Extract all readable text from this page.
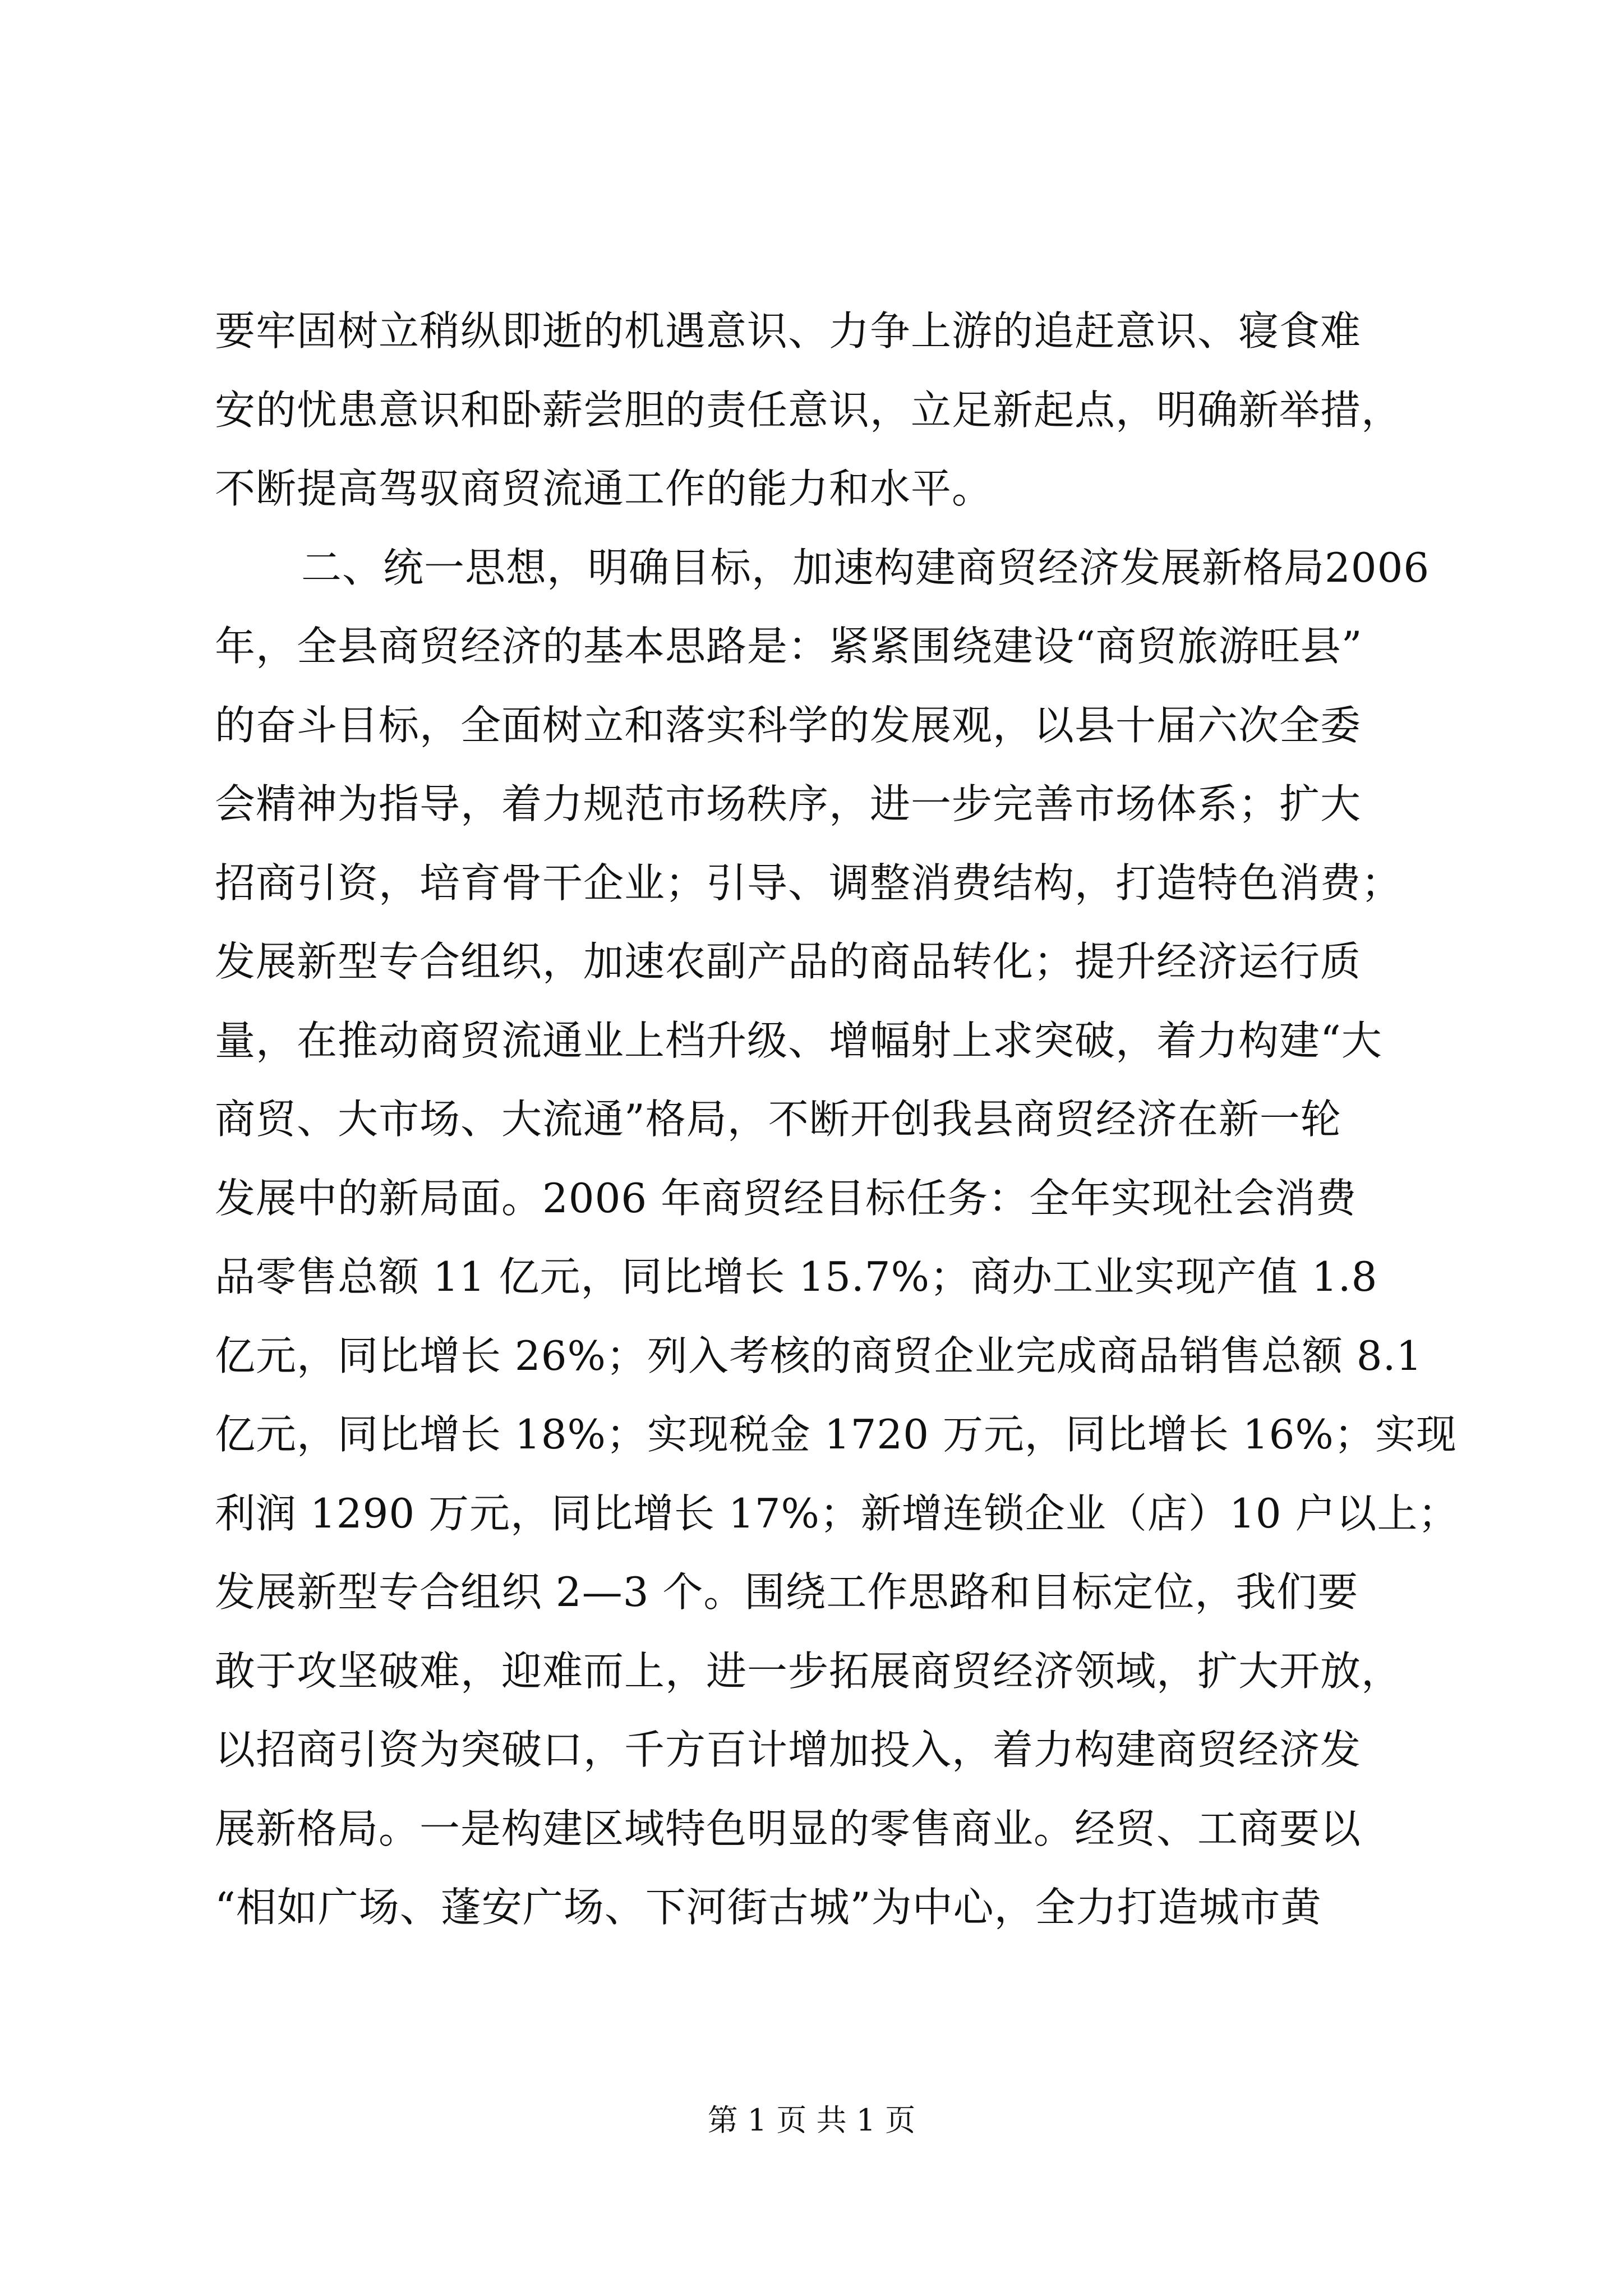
要牢固树立稍纵即逝的机遇意识、力争上游的追赶意识、寝食难
安的忧患意识和卧薪尝胆的责任意识，立足新起点，明确新举措，
不断提高驾驭商贸流通工作的能力和水平。
二、统一思想，明确目标，加速构建商贸经济发展新格局2006
年，全县商贸经济的基本思路是：紧紧围绕建设“商贸旅游旺县”
的奋斗目标，全面树立和落实科学的发展观，以县十届六次全委
会精神为指导，着力规范市场秩序，进一步完善市场体系；扩大
招商引资，培育骨干企业；引导、调整消费结构，打造特色消费；
发展新型专合组织，加速农副产品的商品转化；提升经济运行质
量，在推动商贸流通业上档升级、增幅射上求突破，着力构建“大
商贸、大市场、大流通”格局，不断开创我县商贸经济在新一轮
发展中的新局面。2006 年商贸经目标任务：全年实现社会消费
品零售总额 11 亿元，同比增长 15.7%；商办工业实现产值 1.8
亿元，同比增长 26%；列入考核的商贸企业完成商品销售总额 8.1
亿元，同比增长 18%；实现税金 1720 万元，同比增长 16%；实现
利润 1290 万元，同比增长 17%；新增连锁企业（店）10 户以上；
发展新型专合组织 2—3 个。围绕工作思路和目标定位，我们要
敢于攻坚破难，迎难而上，进一步拓展商贸经济领域，扩大开放，
以招商引资为突破口，千方百计增加投入，着力构建商贸经济发
展新格局。一是构建区域特色明显的零售商业。经贸、工商要以
“相如广场、蓬安广场、下河街古城”为中心，全力打造城市黄
第 1 页 共 1 页
